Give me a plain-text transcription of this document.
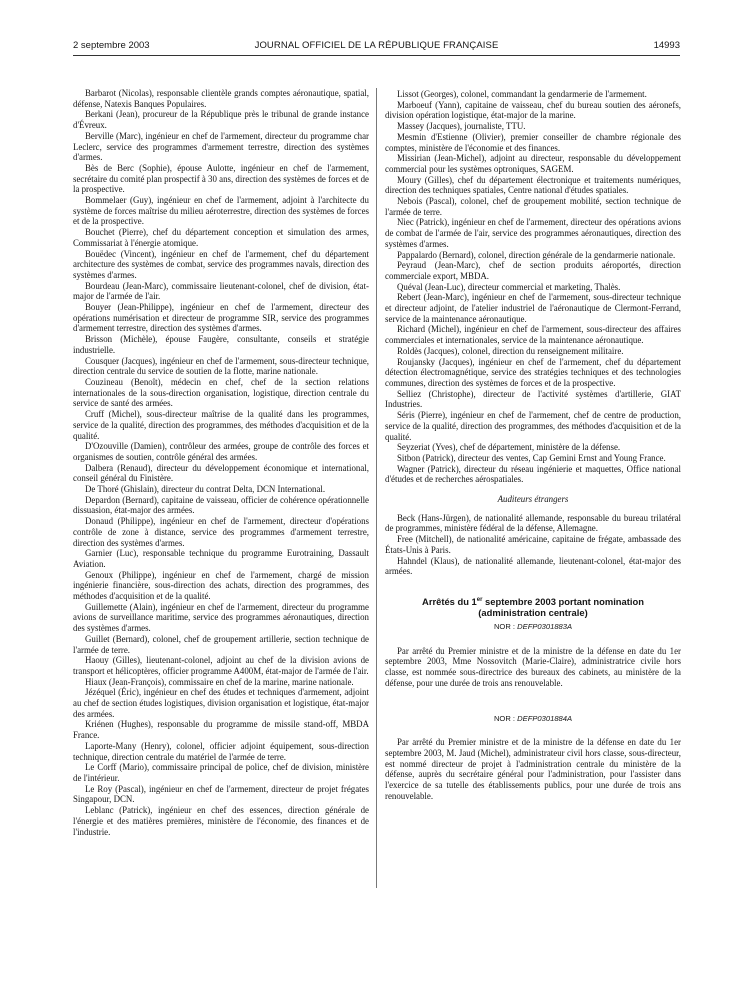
2 septembre 2003	JOURNAL OFFICIEL DE LA RÉPUBLIQUE FRANÇAISE	14993

Barbarot (Nicolas), responsable clientèle grands comptes aéronautique, spatial, défense, Natexis Banques Populaires.

Berkani (Jean), procureur de la République près le tribunal de grande instance d'Évreux.

Berville (Marc), ingénieur en chef de l'armement, directeur du programme char Leclerc, service des programmes d'armement terrestre, direction des systèmes d'armes.

Bès de Berc (Sophie), épouse Aulotte, ingénieur en chef de l'armement, secrétaire du comité plan prospectif à 30 ans, direction des systèmes de forces et de la prospective.

Bommelaer (Guy), ingénieur en chef de l'armement, adjoint à l'architecte du système de forces maîtrise du milieu aéroterrestre, direction des systèmes de forces et de la prospective.

Bouchet (Pierre), chef du département conception et simulation des armes, Commissariat à l'énergie atomique.

Bouëdec (Vincent), ingénieur en chef de l'armement, chef du département architecture des systèmes de combat, service des programmes navals, direction des systèmes d'armes.

Bourdeau (Jean-Marc), commissaire lieutenant-colonel, chef de division, état-major de l'armée de l'air.

Bouyer (Jean-Philippe), ingénieur en chef de l'armement, directeur des opérations numérisation et directeur de programme SIR, service des programmes d'armement terrestre, direction des systèmes d'armes.

Brisson (Michèle), épouse Faugère, consultante, conseils et stratégie industrielle.

Cousquer (Jacques), ingénieur en chef de l'armement, sous-directeur technique, direction centrale du service de soutien de la flotte, marine nationale.

Couzineau (Benoît), médecin en chef, chef de la section relations internationales de la sous-direction organisation, logistique, direction centrale du service de santé des armées.

Cruff (Michel), sous-directeur maîtrise de la qualité dans les programmes, service de la qualité, direction des programmes, des méthodes d'acquisition et de la qualité.

D'Ozouville (Damien), contrôleur des armées, groupe de contrôle des forces et organismes de soutien, contrôle général des armées.

Dalbera (Renaud), directeur du développement économique et international, conseil général du Finistère.

De Thoré (Ghislain), directeur du contrat Delta, DCN International.

Depardon (Bernard), capitaine de vaisseau, officier de cohérence opérationnelle dissuasion, état-major des armées.

Donaud (Philippe), ingénieur en chef de l'armement, directeur d'opérations contrôle de zone à distance, service des programmes d'armement terrestre, direction des systèmes d'armes.

Garnier (Luc), responsable technique du programme Eurotraining, Dassault Aviation.

Genoux (Philippe), ingénieur en chef de l'armement, chargé de mission ingénierie financière, sous-direction des achats, direction des programmes, des méthodes d'acquisition et de la qualité.

Guillemette (Alain), ingénieur en chef de l'armement, directeur du programme avions de surveillance maritime, service des programmes aéronautiques, direction des systèmes d'armes.

Guillet (Bernard), colonel, chef de groupement artillerie, section technique de l'armée de terre.

Haouy (Gilles), lieutenant-colonel, adjoint au chef de la division avions de transport et hélicoptères, officier programme A400M, état-major de l'armée de l'air.

Hiaux (Jean-François), commissaire en chef de la marine, marine nationale.

Jézéquel (Éric), ingénieur en chef des études et techniques d'armement, adjoint au chef de section études logistiques, division organisation et logistique, état-major des armées.

Kriénen (Hughes), responsable du programme de missile stand-off, MBDA France.

Laporte-Many (Henry), colonel, officier adjoint équipement, sous-direction technique, direction centrale du matériel de l'armée de terre.

Le Corff (Mario), commissaire principal de police, chef de division, ministère de l'intérieur.

Le Roy (Pascal), ingénieur en chef de l'armement, directeur de projet frégates Singapour, DCN.

Leblanc (Patrick), ingénieur en chef des essences, direction générale de l'énergie et des matières premières, ministère de l'économie, des finances et de l'industrie.

Lissot (Georges), colonel, commandant la gendarmerie de l'armement.

Marboeuf (Yann), capitaine de vaisseau, chef du bureau soutien des aéronefs, division opération logistique, état-major de la marine.

Massey (Jacques), journaliste, TTU.

Mesmin d'Estienne (Olivier), premier conseiller de chambre régionale des comptes, ministère de l'économie et des finances.

Missirian (Jean-Michel), adjoint au directeur, responsable du développement commercial pour les systèmes optroniques, SAGEM.

Moury (Gilles), chef du département électronique et traitements numériques, direction des techniques spatiales, Centre national d'études spatiales.

Nebois (Pascal), colonel, chef de groupement mobilité, section technique de l'armée de terre.

Niec (Patrick), ingénieur en chef de l'armement, directeur des opérations avions de combat de l'armée de l'air, service des programmes aéronautiques, direction des systèmes d'armes.

Pappalardo (Bernard), colonel, direction générale de la gendarmerie nationale.

Peyraud (Jean-Marc), chef de section produits aéroportés, direction commerciale export, MBDA.

Quéval (Jean-Luc), directeur commercial et marketing, Thalès.

Rebert (Jean-Marc), ingénieur en chef de l'armement, sous-directeur technique et directeur adjoint, de l'atelier industriel de l'aéronautique de Clermont-Ferrand, service de la maintenance aéronautique.

Richard (Michel), ingénieur en chef de l'armement, sous-directeur des affaires commerciales et internationales, service de la maintenance aéronautique.

Roldès (Jacques), colonel, direction du renseignement militaire.

Roujansky (Jacques), ingénieur en chef de l'armement, chef du département détection électromagnétique, service des stratégies techniques et des technologies communes, direction des systèmes de forces et de la prospective.

Selliez (Christophe), directeur de l'activité systèmes d'artillerie, GIAT Industries.

Séris (Pierre), ingénieur en chef de l'armement, chef de centre de production, service de la qualité, direction des programmes, des méthodes d'acquisition et de la qualité.

Seyzeriat (Yves), chef de département, ministère de la défense.

Sitbon (Patrick), directeur des ventes, Cap Gemini Ernst and Young France.

Wagner (Patrick), directeur du réseau ingénierie et maquettes, Office national d'études et de recherches aérospatiales.

Auditeurs étrangers

Beck (Hans-Jürgen), de nationalité allemande, responsable du bureau trilatéral de programmes, ministère fédéral de la défense, Allemagne.

Free (Mitchell), de nationalité américaine, capitaine de frégate, ambassade des États-Unis à Paris.

Hahndel (Klaus), de nationalité allemande, lieutenant-colonel, état-major des armées.

Arrêtés du 1er septembre 2003 portant nomination
(administration centrale)
NOR : DEFP0301883A

Par arrêté du Premier ministre et de la ministre de la défense en date du 1er septembre 2003, Mme Nossovitch (Marie-Claire), administratrice civile hors classe, est nommée sous-directrice des bureaux des cabinets, au ministère de la défense, pour une durée de trois ans renouvelable.

NOR : DEFP0301884A

Par arrêté du Premier ministre et de la ministre de la défense en date du 1er septembre 2003, M. Jaud (Michel), administrateur civil hors classe, sous-directeur, est nommé directeur de projet à l'administration centrale du ministère de la défense, auprès du secrétaire général pour l'administration, pour l'assister dans l'exercice de sa tutelle des établissements publics, pour une durée de trois ans renouvelable.
